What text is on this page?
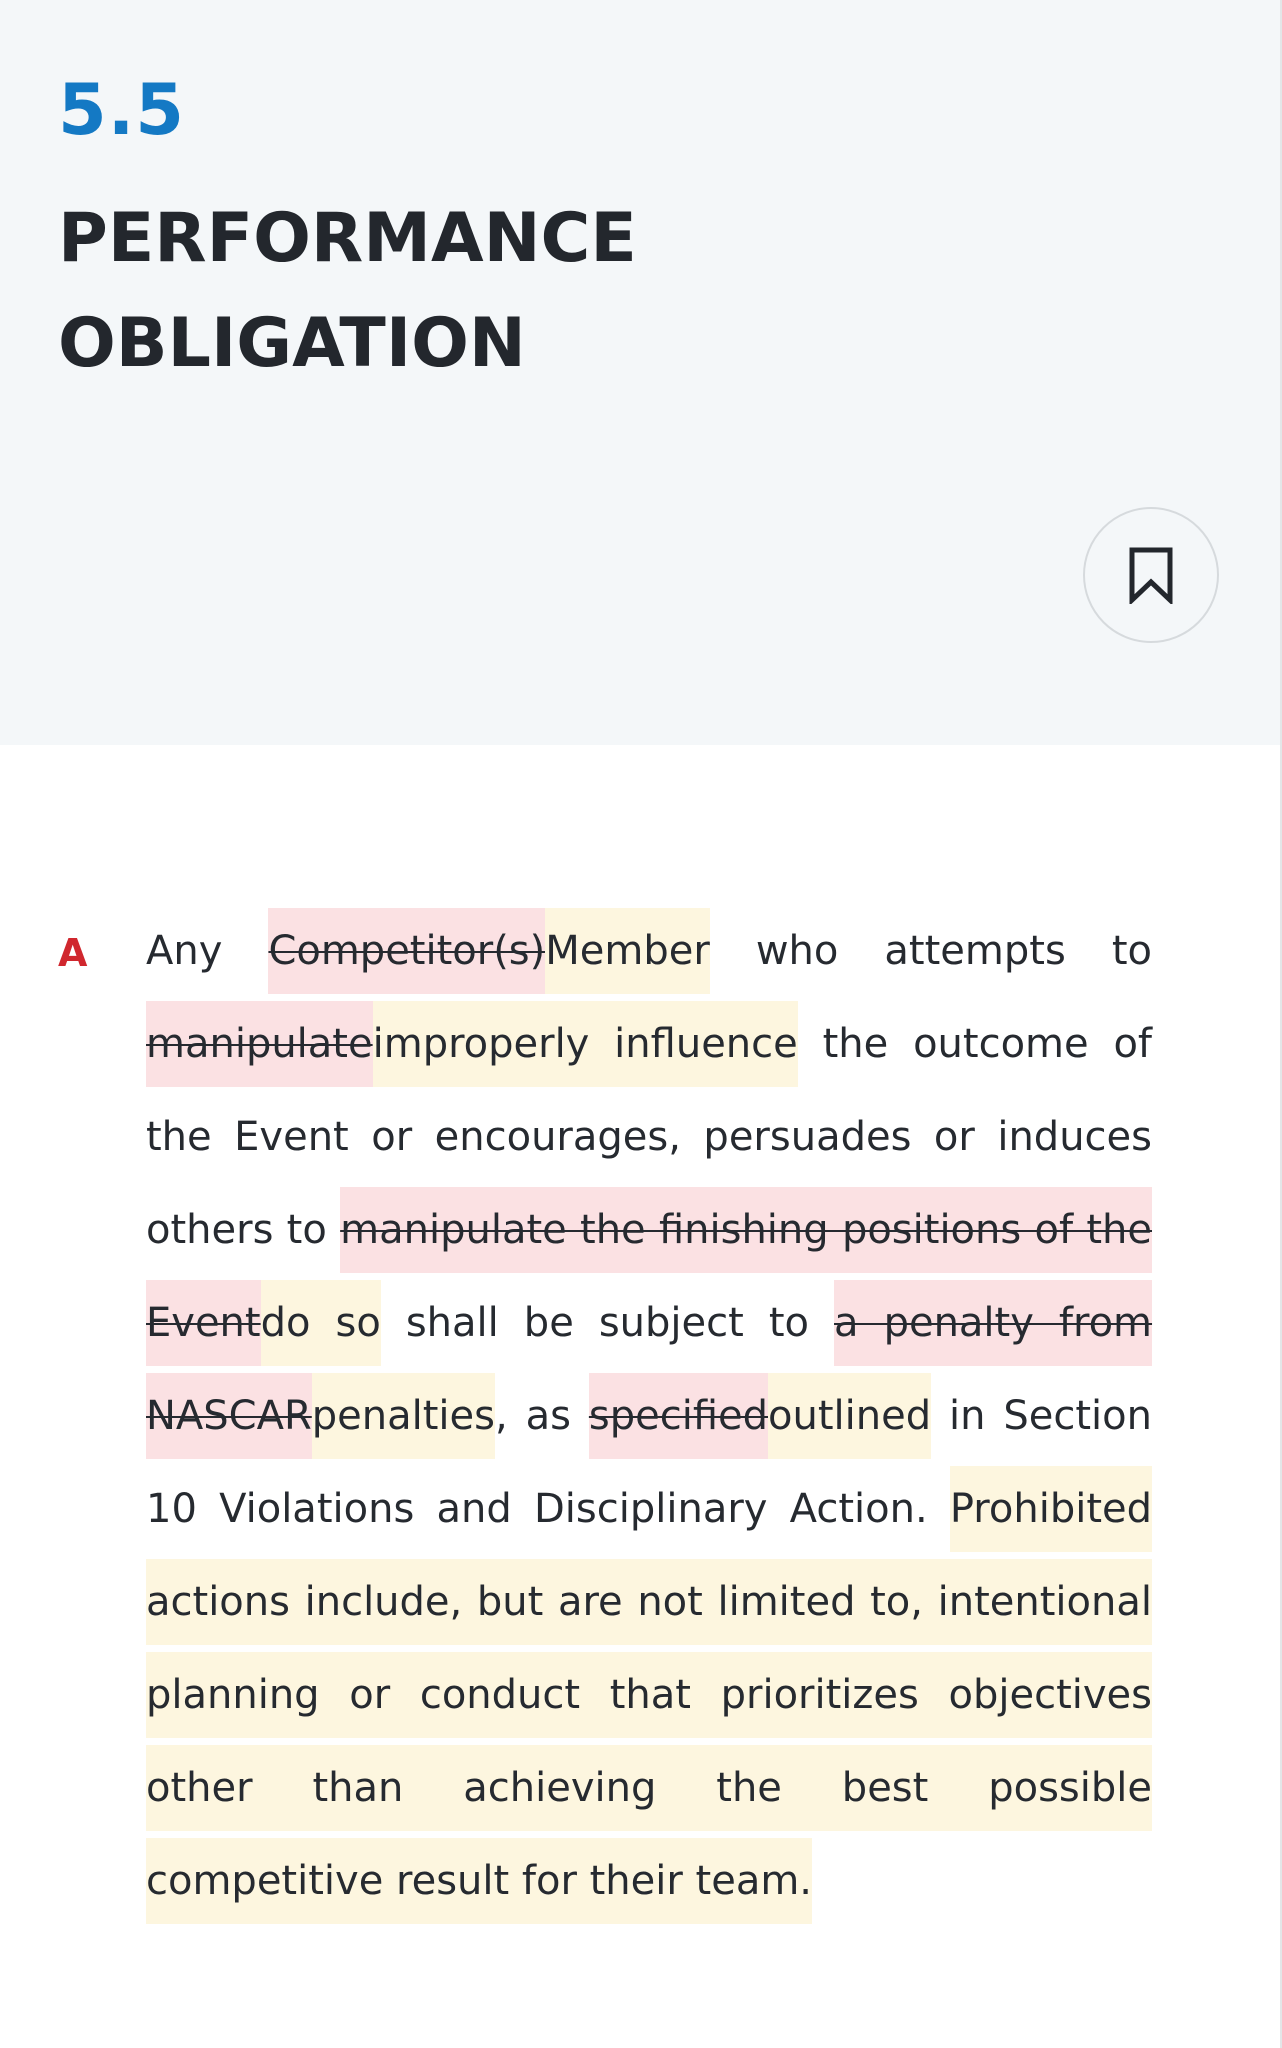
5.5
PERFORMANCE OBLIGATION
A Any Competitor(s)Member who attempts to manipulateimproperly influence the outcome of the Event or encourages, persuades or induces others to manipulate the finishing positions of the Eventdo so shall be subject to a penalty from NASCARpenalties, as specifiedoutlined in Section 10 Violations and Disciplinary Action. Prohibited actions include, but are not limited to, intentional planning or conduct that prioritizes objectives other than achieving the best possible competitive result for their team.
